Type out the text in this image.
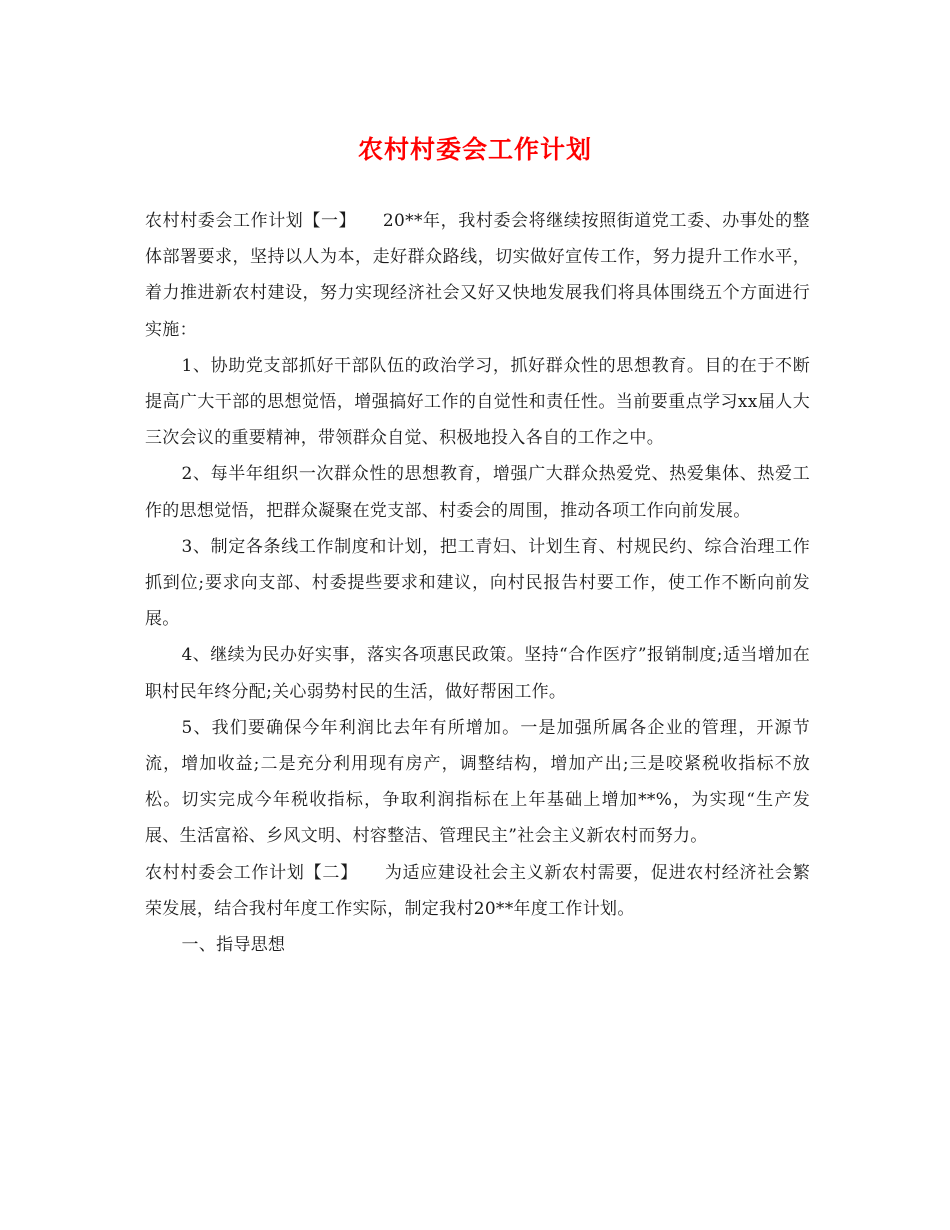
农村村委会工作计划

农村村委会工作计划【一】　　 20**年，我村委会将继续按照街道党工委、办事处的整体部署要求，坚持以人为本，走好群众路线，切实做好宣传工作，努力提升工作水平，着力推进新农村建设，努力实现经济社会又好又快地发展我们将具体围绕五个方面进行实施：

1、协助党支部抓好干部队伍的政治学习，抓好群众性的思想教育。目的在于不断提高广大干部的思想觉悟，增强搞好工作的自觉性和责任性。当前要重点学习xx届人大三次会议的重要精神，带领群众自觉、积极地投入各自的工作之中。

2、每半年组织一次群众性的思想教育，增强广大群众热爱党、热爱集体、热爱工作的思想觉悟，把群众凝聚在党支部、村委会的周围，推动各项工作向前发展。

3、制定各条线工作制度和计划，把工青妇、计划生育、村规民约、综合治理工作抓到位;要求向支部、村委提些要求和建议，向村民报告村要工作，使工作不断向前发展。

4、继续为民办好实事，落实各项惠民政策。坚持“合作医疗”报销制度;适当增加在职村民年终分配;关心弱势村民的生活，做好帮困工作。

5、我们要确保今年利润比去年有所增加。一是加强所属各企业的管理，开源节流，增加收益;二是充分利用现有房产，调整结构，增加产出;三是咬紧税收指标不放松。切实完成今年税收指标，争取利润指标在上年基础上增加**%，为实现“生产发展、生活富裕、乡风文明、村容整洁、管理民主”社会主义新农村而努力。

农村村委会工作计划【二】　　 为适应建设社会主义新农村需要，促进农村经济社会繁荣发展，结合我村年度工作实际，制定我村20**年度工作计划。

一、指导思想
